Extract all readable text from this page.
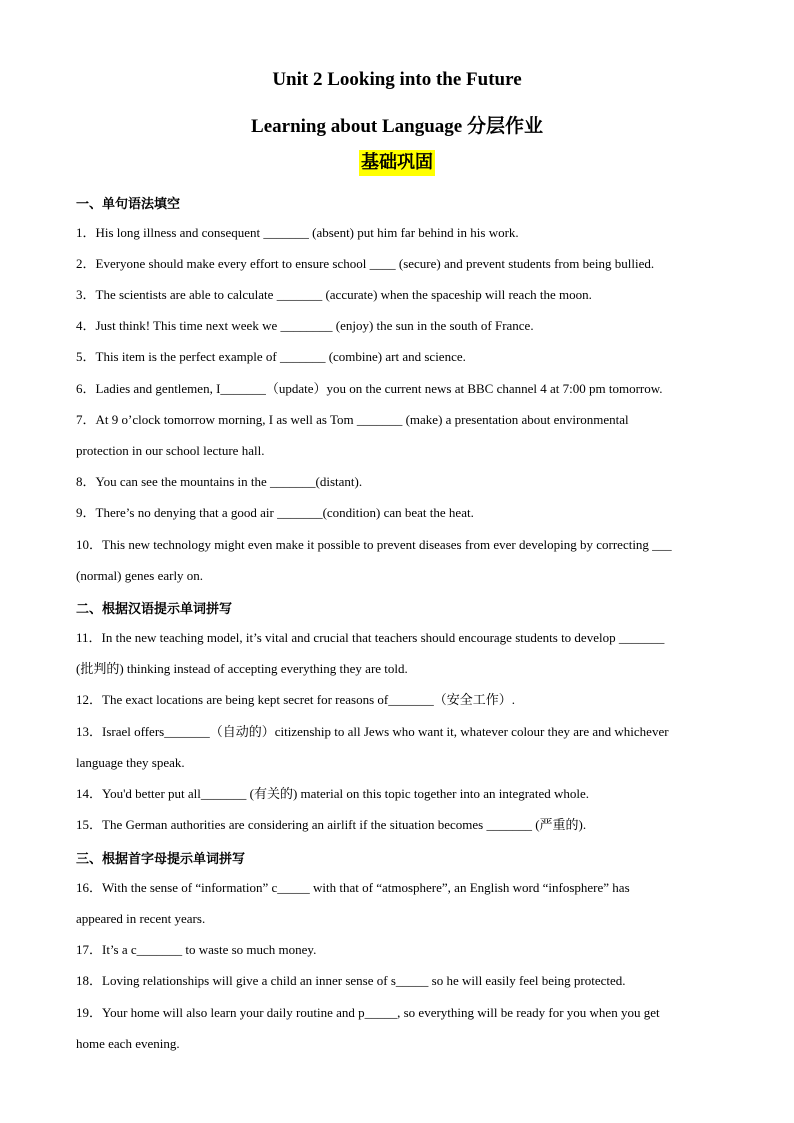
Unit 2 Looking into the Future
Learning about Language 分层作业
基础巩固
一、单句语法填空
1．His long illness and consequent _______ (absent) put him far behind in his work.
2．Everyone should make every effort to ensure school ____ (secure) and prevent students from being bullied.
3．The scientists are able to calculate _______ (accurate) when the spaceship will reach the moon.
4．Just think! This time next week we ________ (enjoy) the sun in the south of France.
5．This item is the perfect example of _______ (combine) art and science.
6．Ladies and gentlemen, I_______（update）you on the current news at BBC channel 4 at 7:00 pm tomorrow.
7．At 9 o’clock tomorrow morning, I as well as Tom _______ (make) a presentation about environmental
protection in our school lecture hall.
8．You can see the mountains in the _______(distant).
9．There’s no denying that a good air _______(condition) can beat the heat.
10．This new technology might even make it possible to prevent diseases from ever developing by correcting ___
(normal) genes early on.
二、根据汉语提示单词拼写
11．In the new teaching model, it’s vital and crucial that teachers should encourage students to develop _______
(批判的) thinking instead of accepting everything they are told.
12．The exact locations are being kept secret for reasons of_______（安全工作）.
13．Israel offers_______（自动的）citizenship to all Jews who want it, whatever colour they are and whichever
language they speak.
14．You'd better put all_______ (有关的) material on this topic together into an integrated whole.
15．The German authorities are considering an airlift if the situation becomes _______ (严重的).
三、根据首字母提示单词拼写
16．With the sense of “information” c_____ with that of “atmosphere”, an English word “infosphere” has
appeared in recent years.
17．It’s a c_______ to waste so much money.
18．Loving relationships will give a child an inner sense of s_____ so he will easily feel being protected.
19．Your home will also learn your daily routine and p_____, so everything will be ready for you when you get
home each evening.
